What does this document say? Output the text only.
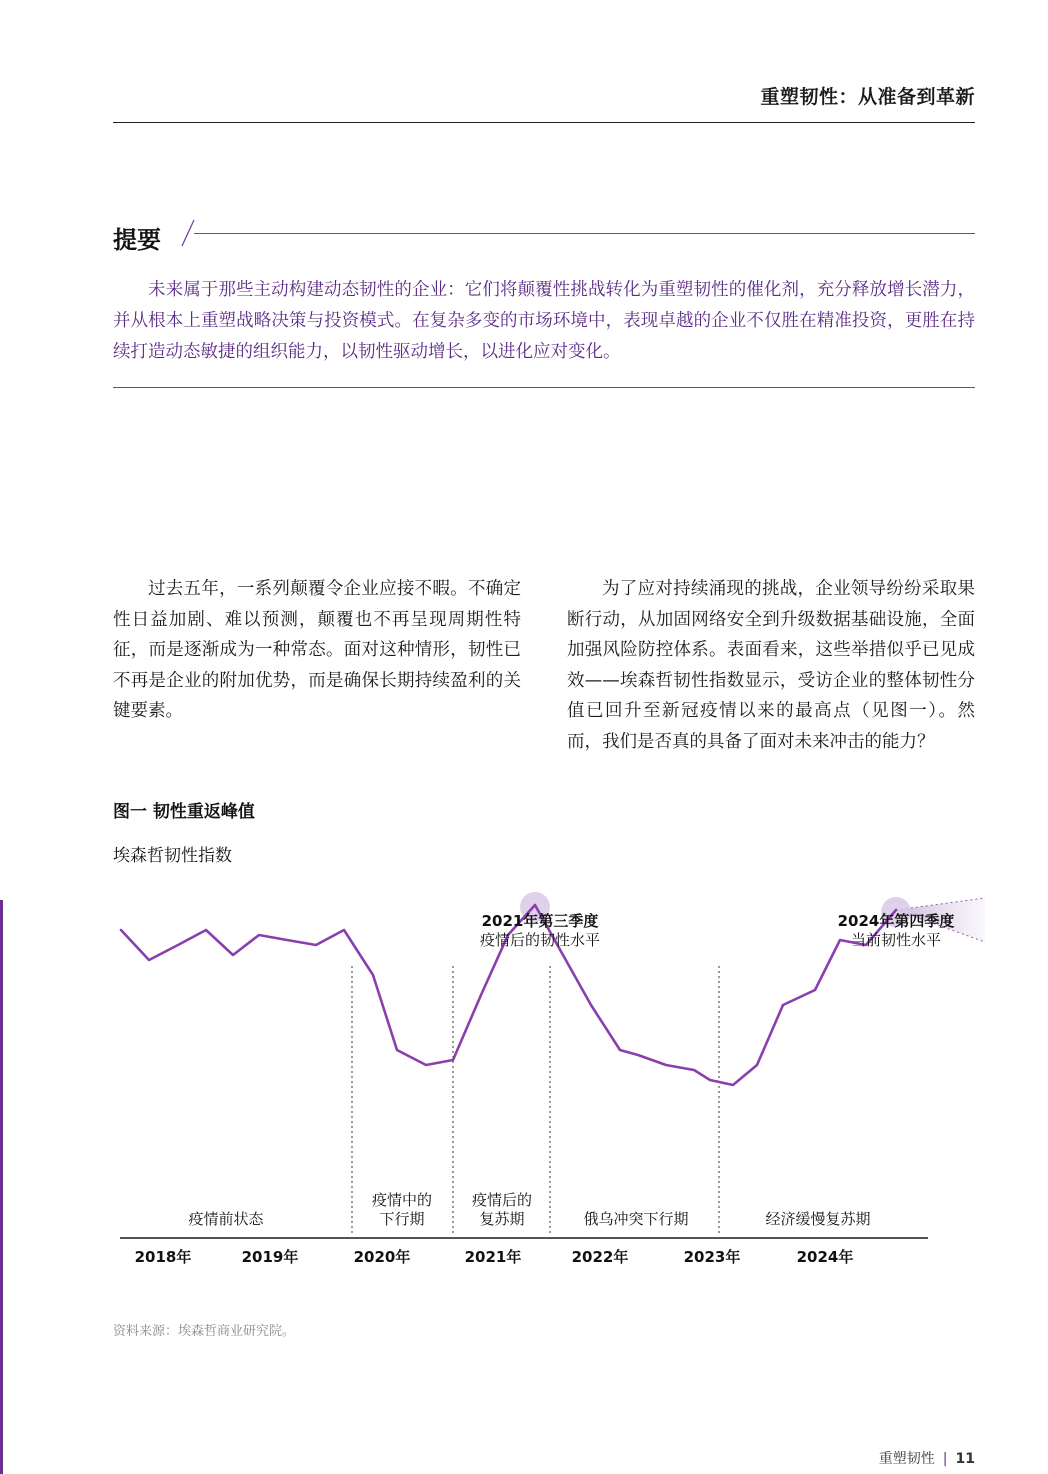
重塑韧性：从准备到革新
提要
未来属于那些主动构建动态韧性的企业：它们将颠覆性挑战转化为重塑韧性的催化剂，充分释放增长潜力，并从根本上重塑战略决策与投资模式。在复杂多变的市场环境中，表现卓越的企业不仅胜在精准投资，更胜在持续打造动态敏捷的组织能力，以韧性驱动增长，以进化应对变化。
过去五年，一系列颠覆令企业应接不暇。不确定性日益加剧、难以预测，颠覆也不再呈现周期性特征，而是逐渐成为一种常态。面对这种情形，韧性已不再是企业的附加优势，而是确保长期持续盈利的关键要素。
为了应对持续涌现的挑战，企业领导纷纷采取果断行动，从加固网络安全到升级数据基础设施，全面加强风险防控体系。表面看来，这些举措似乎已见成效——埃森哲韧性指数显示，受访企业的整体韧性分值已回升至新冠疫情以来的最高点（见图一）。然而，我们是否真的具备了面对未来冲击的能力？
图一 韧性重返峰值
埃森哲韧性指数
2021年第三季度
疫情后的韧性水平
2024年第四季度
当前韧性水平
疫情前状态
疫情中的
下行期
疫情后的
复苏期	俄乌冲突下行期	经济缓慢复苏期
2018年	2019年	2020年	2021年	2022年	2023年	2024年
资料来源：埃森哲商业研究院。
重塑韧性 | 11
